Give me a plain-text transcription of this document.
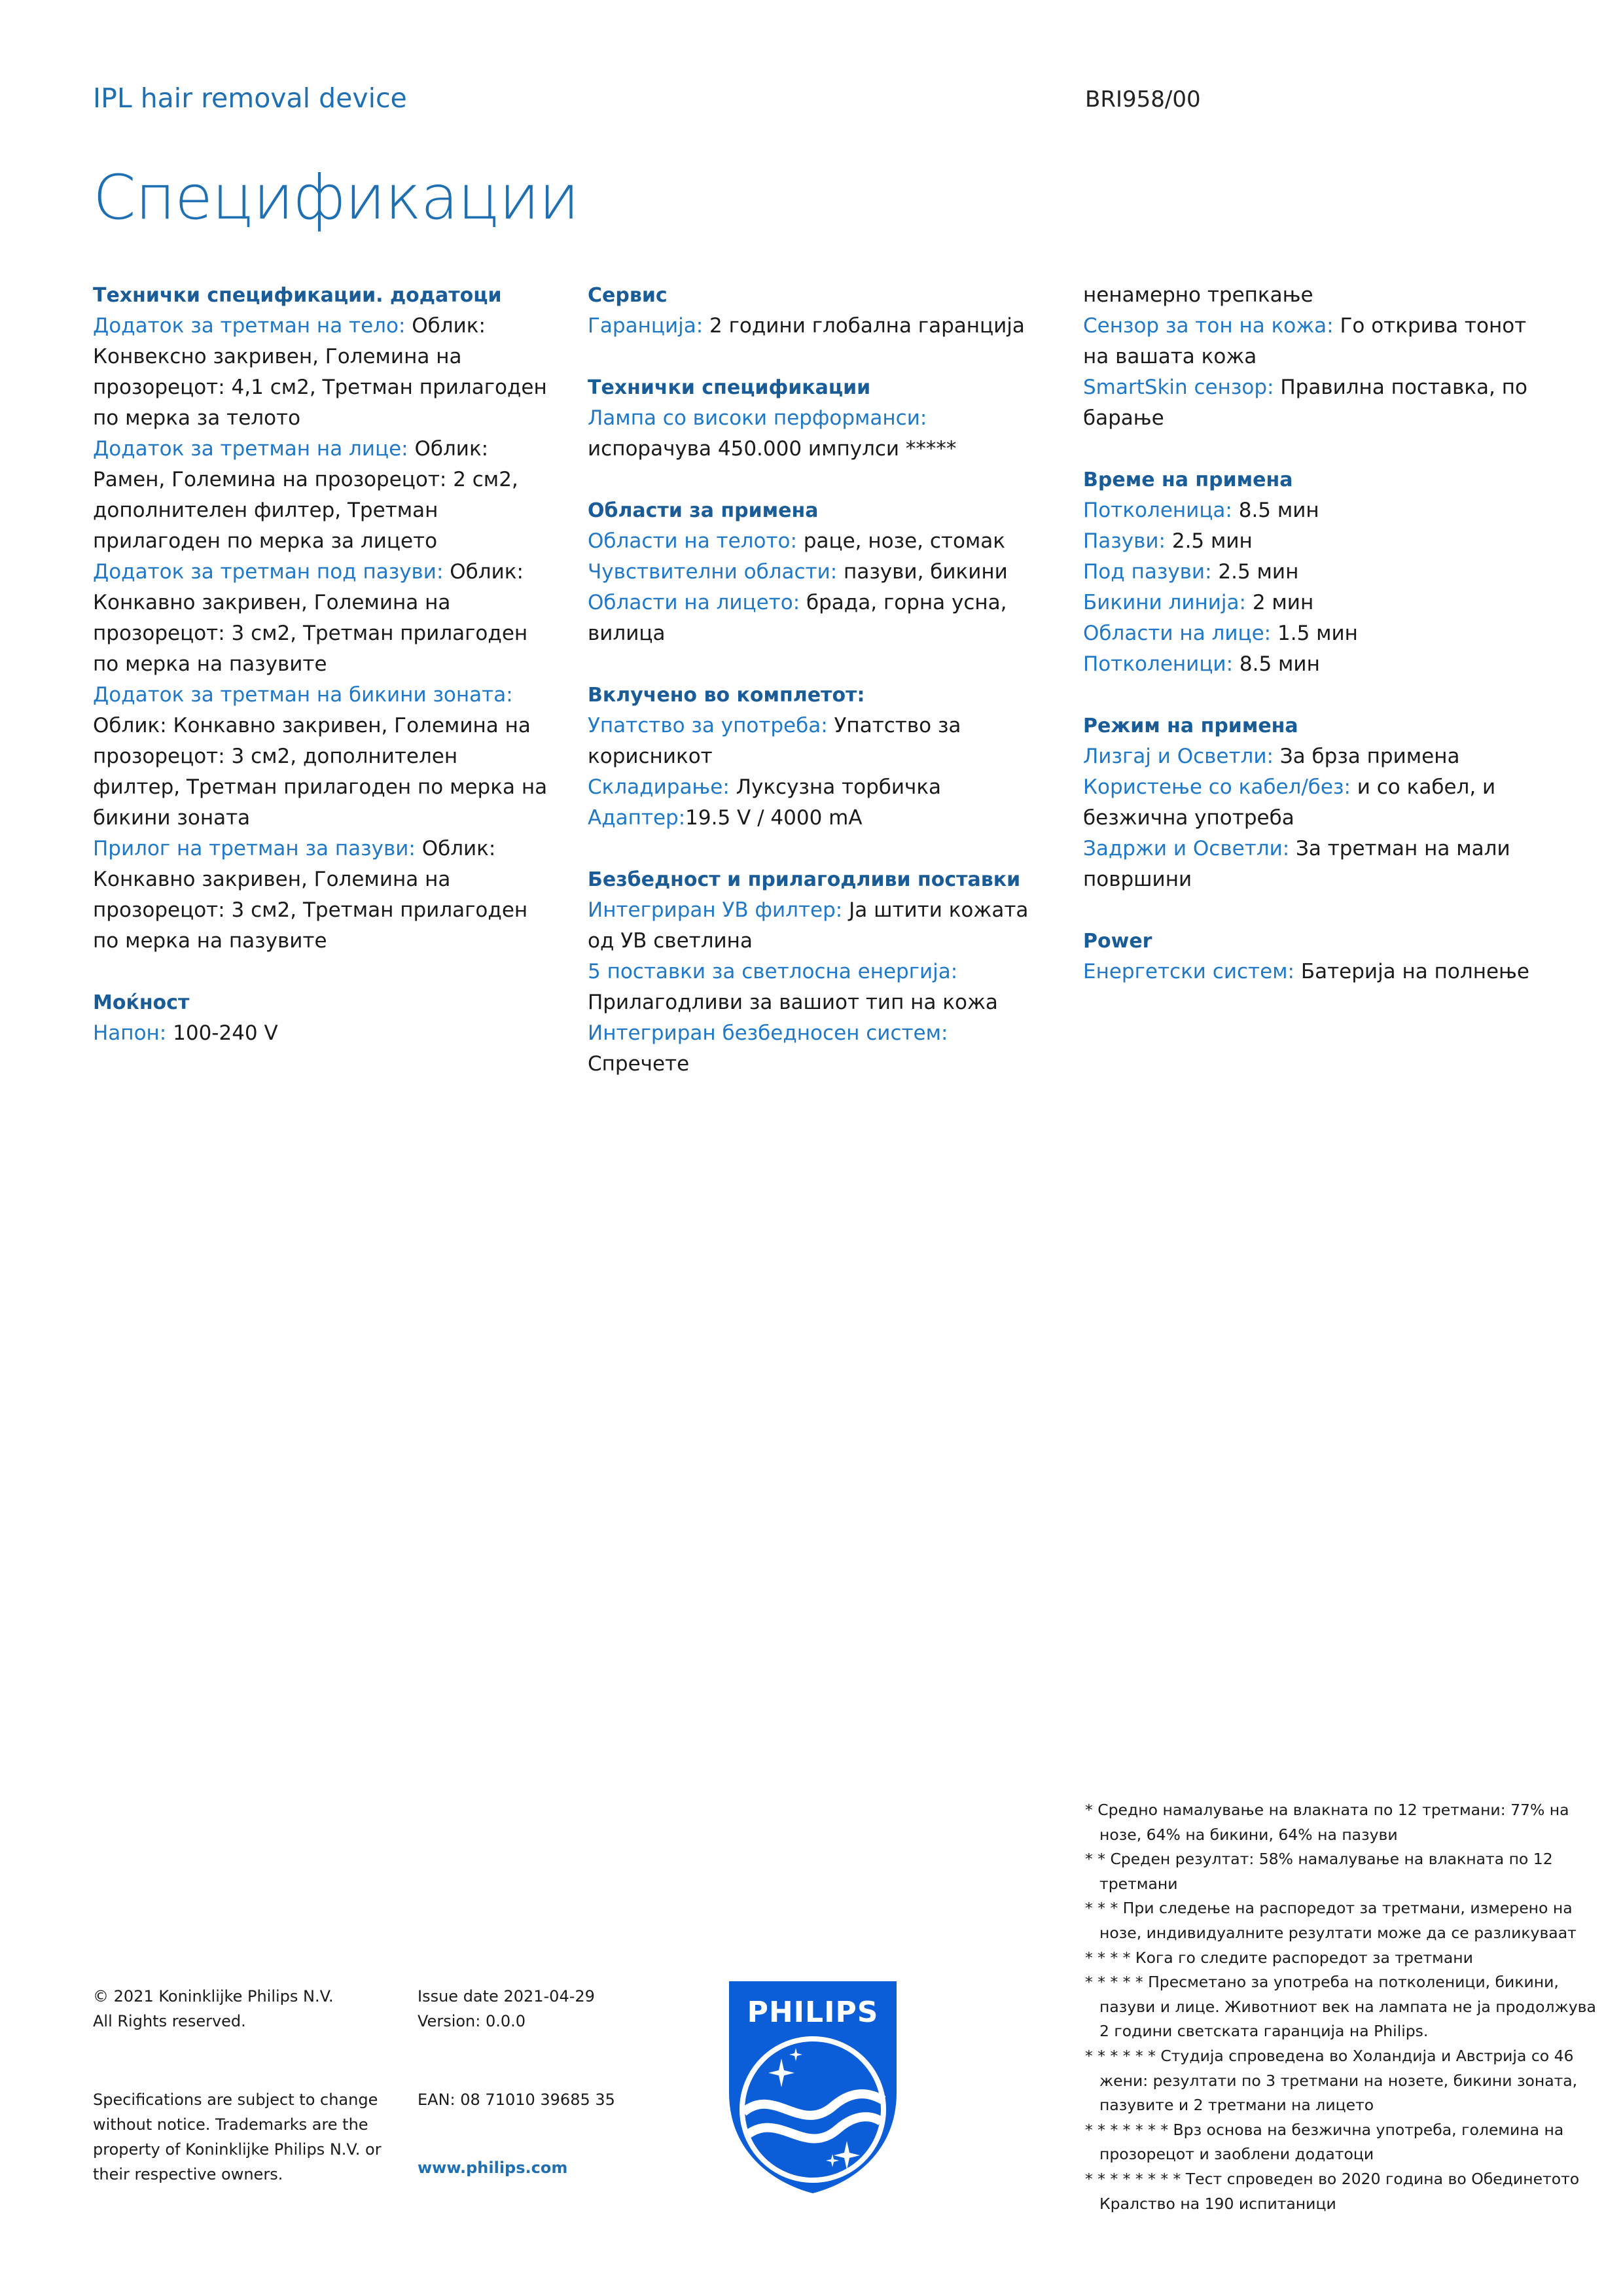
IPL hair removal device	BRI958/00
Спецификации
Технички спецификации. додатоци
Додаток за третман на тело: Облик: Конвексно закривен, Големина на прозорецот: 4,1 см2, Третман прилагоден по мерка за телото
Додаток за третман на лице: Облик: Рамен, Големина на прозорецот: 2 см2, дополнителен филтер, Третман прилагоден по мерка за лицето
Додаток за третман под пазуви: Облик: Конкавно закривен, Големина на прозорецот: 3 см2, Третман прилагоден по мерка на пазувите
Додаток за третман на бикини зоната: Облик: Конкавно закривен, Големина на прозорецот: 3 см2, дополнителен филтер, Третман прилагоден по мерка на бикини зоната
Прилог на третман за пазуви: Облик: Конкавно закривен, Големина на прозорецот: 3 см2, Третман прилагоден по мерка на пазувите
Моќност
Напон: 100-240 V
Сервис
Гаранција: 2 години глобална гаранција
Технички спецификации
Лампа со високи перформанси: испорачува 450.000 импулси *****
Области за примена
Области на телото: раце, нозе, стомак
Чувствителни области: пазуви, бикини
Области на лицето: брада, горна усна, вилица
Вклучено во комплетот:
Упатство за употреба: Упатство за корисникот
Складирање: Луксузна торбичка
Адаптер:19.5 V / 4000 mA
Безбедност и прилагодливи поставки
Интегриран УВ филтер: Ја штити кожата од УВ светлина
5 поставки за светлосна енергија: Прилагодливи за вашиот тип на кожа
Интегриран безбедносен систем: Спречете
ненамерно трепкање
Сензор за тон на кожа: Го открива тонот на вашата кожа
SmartSkin сензор: Правилна поставка, по барање
Време на примена
Потколеница: 8.5 мин
Пазуви: 2.5 мин
Под пазуви: 2.5 мин
Бикини линија: 2 мин
Области на лице: 1.5 мин
Потколеници: 8.5 мин
Режим на примена
Лизгај и Осветли: За брза примена
Користење со кабел/без: и со кабел, и безжична употреба
Задржи и Осветли: За третман на мали површини
Power
Енергетски систем: Батерија на полнење
* Средно намалување на влакната по 12 третмани: 77% на нозе, 64% на бикини, 64% на пазуви
* * Среден резултат: 58% намалување на влакната по 12 третмани
* * * При следење на распоредот за третмани, измерено на нозе, индивидуалните резултати може да се разликуваат
* * * * Кога го следите распоредот за третмани
* * * * * Пресметано за употреба на потколеници, бикини, пазуви и лице. Животниот век на лампата не ја продолжува 2 години светската гаранција на Philips.
* * * * * * Студија спроведена во Холандија и Австрија со 46 жени: резултати по 3 третмани на нозете, бикини зоната, пазувите и 2 третмани на лицето
* * * * * * * Врз основа на безжична употреба, големина на прозорецот и заоблени додатоци
* * * * * * * * Тест спроведен во 2020 година во Обединетото Кралство на 190 испитаници
© 2021 Koninklijke Philips N.V.
All Rights reserved.
Issue date 2021-04-29
Version: 0.0.0
Specifications are subject to change without notice. Trademarks are the property of Koninklijke Philips N.V. or their respective owners.
EAN: 08 71010 39685 35
www.philips.com
PHILIPS
